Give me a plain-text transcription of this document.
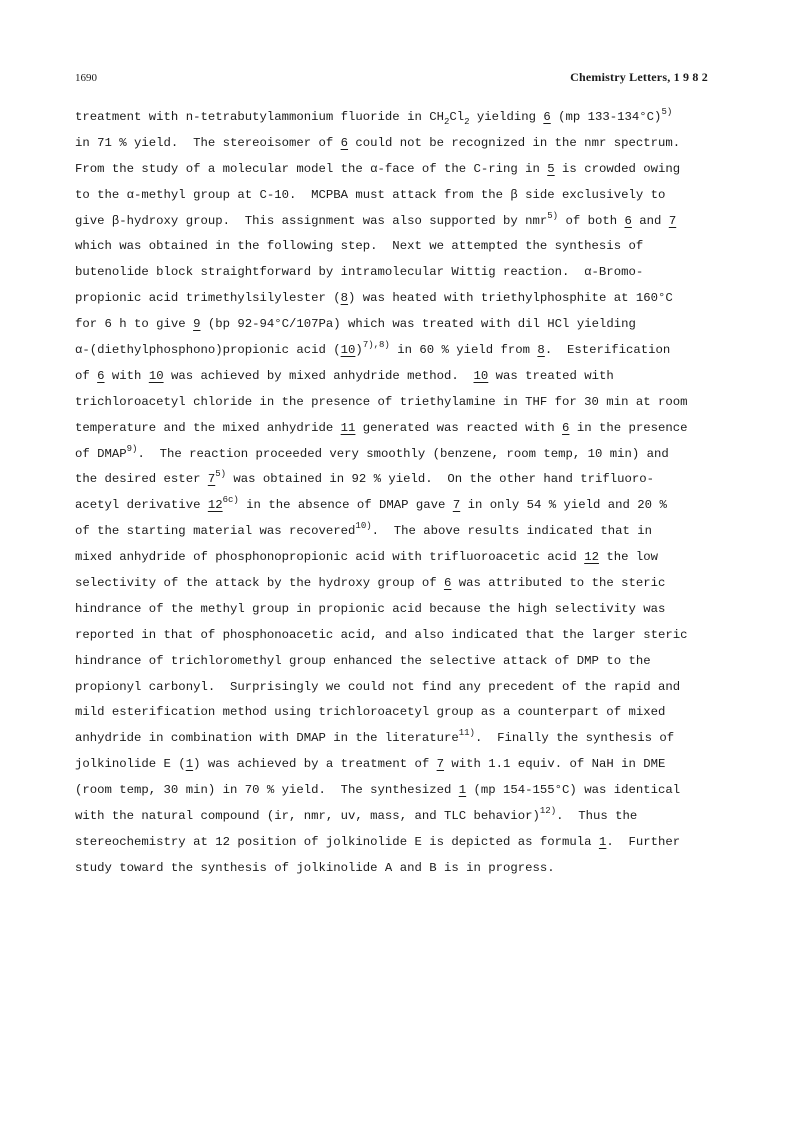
1690	Chemistry Letters, 1 9 8 2
treatment with n-tetrabutylammonium fluoride in $CH_2Cl_2$ yielding 6 (mp 133-134°C)$^{5)}$
in 71 % yield.  The stereoisomer of 6 could not be recognized in the nmr spectrum.
From the study of a molecular model the α-face of the C-ring in 5 is crowded owing
to the α-methyl group at C-10.  MCPBA must attack from the β side exclusively to
give β-hydroxy group.  This assignment was also supported by nmr$^{5)}$ of both 6 and 7
which was obtained in the following step.  Next we attempted the synthesis of
butenolide block straightforward by intramolecular Wittig reaction.  α-Bromo-
propionic acid trimethylsilylester (8) was heated with triethylphosphite at 160°C
for 6 h to give 9 (bp 92-94°C/107Pa) which was treated with dil HCl yielding
α-(diethylphosphono)propionic acid $(10)^{7),8)}$ in 60 % yield from 8.  Esterification
of 6 with 10 was achieved by mixed anhydride method.  10 was treated with
trichloroacetyl chloride in the presence of triethylamine in THF for 30 min at room
temperature and the mixed anhydride 11 generated was reacted with 6 in the presence
of DMAP$^{9)}$.  The reaction proceeded very smoothly (benzene, room temp, 10 min) and
the desired ester 7$^{5)}$ was obtained in 92 % yield.  On the other hand trifluoro-
acetyl derivative $12^{6c)}$ in the absence of DMAP gave 7 in only 54 % yield and 20 %
of the starting material was recovered$^{10)}$.  The above results indicated that in
mixed anhydride of phosphonopropionic acid with trifluoroacetic acid 12 the low
selectivity of the attack by the hydroxy group of 6 was attributed to the steric
hindrance of the methyl group in propionic acid because the high selectivity was
reported in that of phosphonoacetic acid, and also indicated that the larger steric
hindrance of trichloromethyl group enhanced the selective attack of DMP to the
propionyl carbonyl.  Surprisingly we could not find any precedent of the rapid and
mild esterification method using trichloroacetyl group as a counterpart of mixed
anhydride in combination with DMAP in the literature$^{11)}$.  Finally the synthesis of
jolkinolide E (1) was achieved by a treatment of 7 with 1.1 equiv. of NaH in DME
(room temp, 30 min) in 70 % yield.  The synthesized 1 (mp 154-155°C) was identical
with the natural compound (ir, nmr, uv, mass, and TLC behavior)$^{12)}$.  Thus the
stereochemistry at 12 position of jolkinolide E is depicted as formula 1.  Further
study toward the synthesis of jolkinolide A and B is in progress.
